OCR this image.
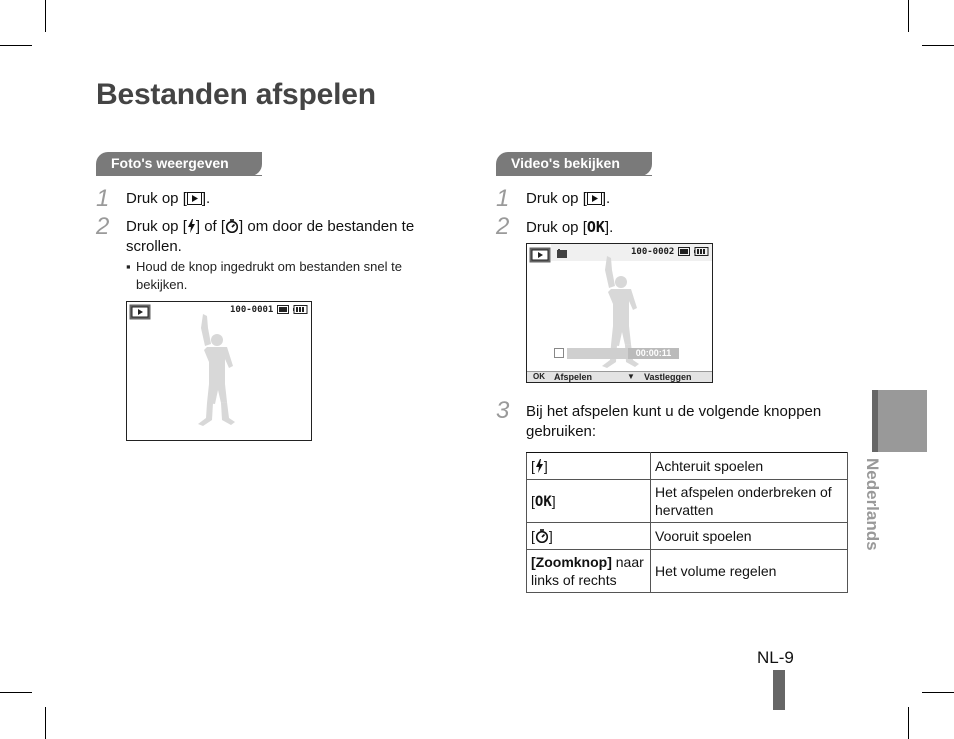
Bestanden afspelen
Foto's weergeven
1 Druk op [ ].
2 Druk op [ ] of [ ] om door de bestanden te scrollen.
▪ Houd de knop ingedrukt om bestanden snel te bekijken.
100-0001
Video's bekijken
1 Druk op [ ].
2 Druk op [OK].
100-0002
00:00:11
OK Afspelen	▼ Vastleggen
3 Bij het afspelen kunt u de volgende knoppen gebruiken:
[ ]	Achteruit spoelen
[OK]	Het afspelen onderbreken of hervatten
[ ]	Vooruit spoelen
[Zoomknop] naar links of rechts	Het volume regelen
Nederlands
NL-9
